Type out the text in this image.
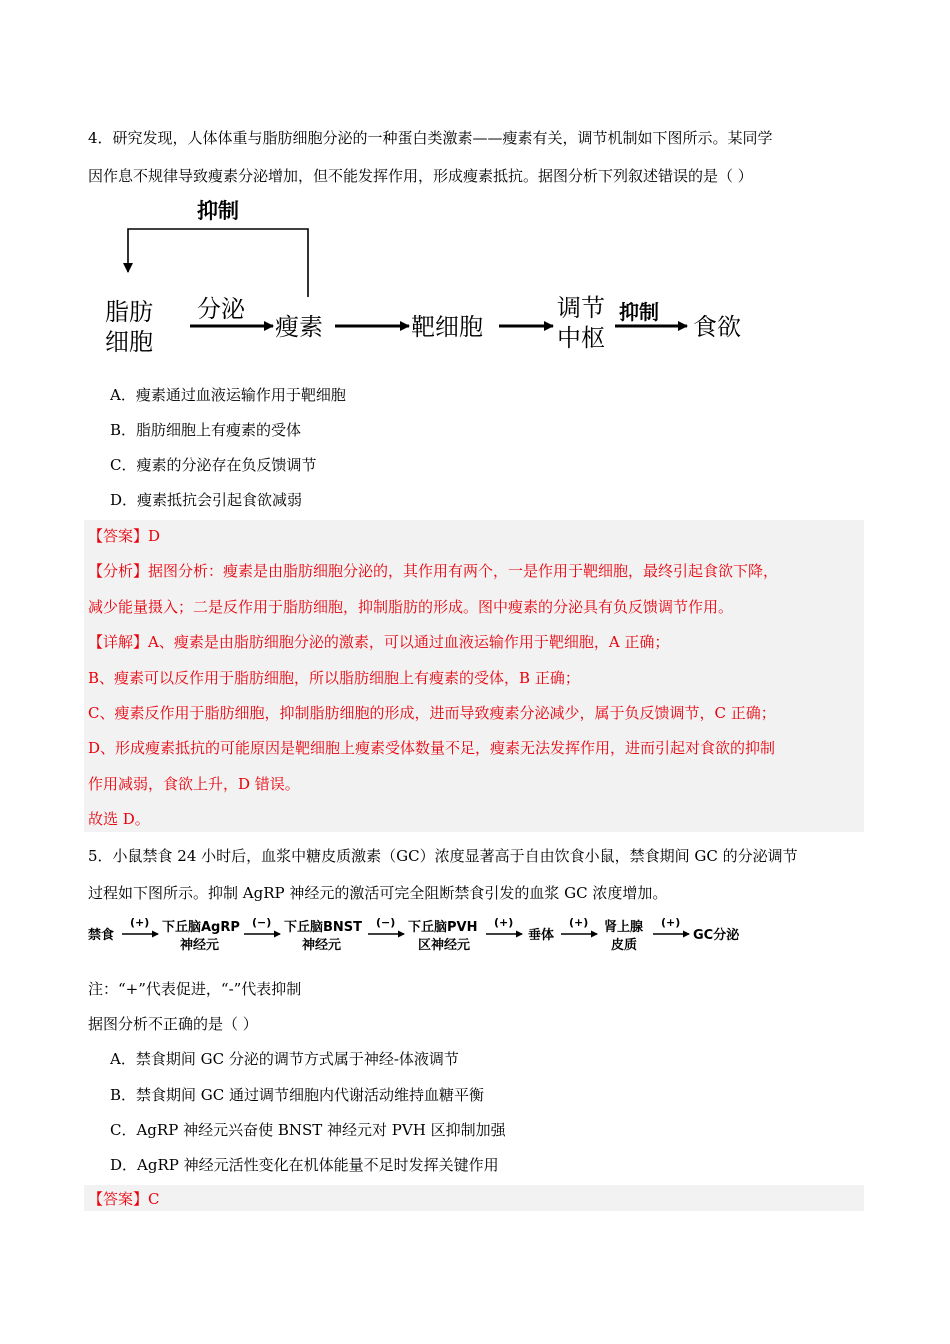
4．研究发现，人体体重与脂肪细胞分泌的一种蛋白类激素——瘦素有关，调节机制如下图所示。某同学
因作息不规律导致瘦素分泌增加，但不能发挥作用，形成瘦素抵抗。据图分析下列叙述错误的是（ ）
抑制
脂肪
细胞
分泌
瘦素	靶细胞
调节
中枢
抑制
食欲
A．瘦素通过血液运输作用于靶细胞
B．脂肪细胞上有瘦素的受体
C．瘦素的分泌存在负反馈调节
D．瘦素抵抗会引起食欲减弱
【答案】D
【分析】据图分析：瘦素是由脂肪细胞分泌的，其作用有两个，一是作用于靶细胞，最终引起食欲下降，
减少能量摄入；二是反作用于脂肪细胞，抑制脂肪的形成。图中瘦素的分泌具有负反馈调节作用。
【详解】A、瘦素是由脂肪细胞分泌的激素，可以通过血液运输作用于靶细胞，A 正确；
B、瘦素可以反作用于脂肪细胞，所以脂肪细胞上有瘦素的受体，B 正确；
C、瘦素反作用于脂肪细胞，抑制脂肪细胞的形成，进而导致瘦素分泌减少，属于负反馈调节，C 正确；
D、形成瘦素抵抗的可能原因是靶细胞上瘦素受体数量不足，瘦素无法发挥作用，进而引起对食欲的抑制
作用减弱，食欲上升，D 错误。
故选 D。
5．小鼠禁食 24 小时后，血浆中糖皮质激素（GC）浓度显著高于自由饮食小鼠，禁食期间 GC 的分泌调节
过程如下图所示。抑制 AgRP 神经元的激活可完全阻断禁食引发的血浆 GC 浓度增加。
禁食
(+) 下丘脑AgRP
神经元
(−) 下丘脑BNST
神经元
(−) 下丘脑PVH
区神经元
(+)
垂体
(+) 肾上腺
皮质
(+)
GC分泌
注：“+”代表促进，“-”代表抑制
据图分析不正确的是（ ）
A．禁食期间 GC 分泌的调节方式属于神经-体液调节
B．禁食期间 GC 通过调节细胞内代谢活动维持血糖平衡
C．AgRP 神经元兴奋使 BNST 神经元对 PVH 区抑制加强
D．AgRP 神经元活性变化在机体能量不足时发挥关键作用
【答案】C
